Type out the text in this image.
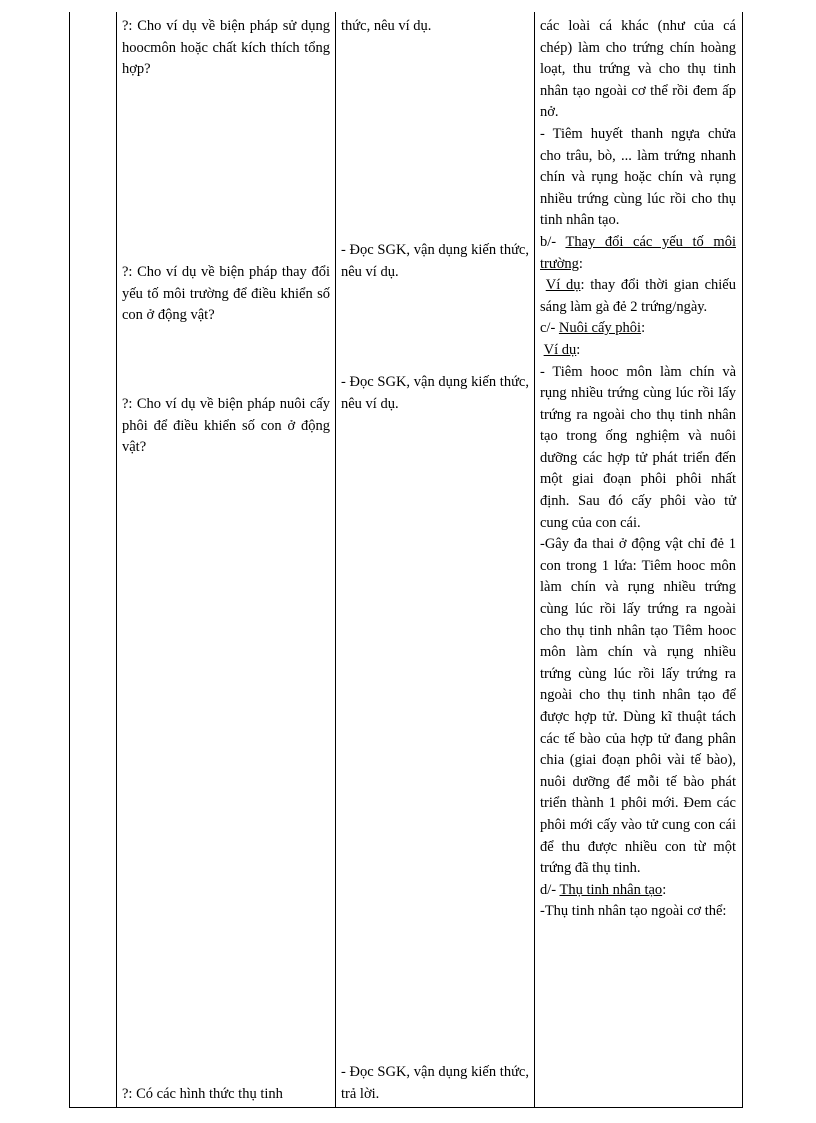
?: Cho ví dụ về biện pháp sử dụng hoocmôn hoặc chất kích thích tổng hợp?
?: Cho ví dụ về biện pháp thay đổi yếu tố môi trường để điều khiển số con ở động vật?
?: Cho ví dụ về biện pháp nuôi cấy phôi để điều khiển số con ở động vật?
?: Có các hình thức thụ tinh
thức, nêu ví dụ.
- Đọc SGK, vận dụng kiến thức, nêu ví dụ.
- Đọc SGK, vận dụng kiến thức, nêu ví dụ.
- Đọc SGK, vận dụng kiến thức, trả lời.
các loài cá khác (như của cá chép) làm cho trứng chín hoàng loạt, thu trứng và cho thụ tinh nhân tạo ngoài cơ thể rồi đem ấp nở.
- Tiêm huyết thanh ngựa chửa cho trâu, bò, ... làm trứng nhanh chín và rụng hoặc chín và rụng nhiều trứng cùng lúc rồi cho thụ tinh nhân tạo.
b/- Thay đổi các yếu tố môi trường:
Ví dụ: thay đổi thời gian chiếu sáng làm gà đẻ 2 trứng/ngày.
c/- Nuôi cấy phôi:
Ví dụ:
- Tiêm hooc môn làm chín và rụng nhiều trứng cùng lúc rồi lấy trứng ra ngoài cho thụ tinh nhân tạo trong ống nghiệm và nuôi dưỡng các hợp tử phát triển đến một giai đoạn phôi phôi nhất định. Sau đó cấy phôi vào tử cung của con cái.
-Gây đa thai ở động vật chỉ đẻ 1 con trong 1 lứa: Tiêm hooc môn làm chín và rụng nhiều trứng cùng lúc rồi lấy trứng ra ngoài cho thụ tinh nhân tạo Tiêm hooc môn làm chín và rụng nhiều trứng cùng lúc rồi lấy trứng ra ngoài cho thụ tinh nhân tạo để được hợp tử. Dùng kĩ thuật tách các tế bào của hợp tử đang phân chia (giai đoạn phôi vài tế bào), nuôi dưỡng để mỗi tế bào phát triển thành 1 phôi mới. Đem các phôi mới cấy vào tử cung con cái để thu được nhiều con từ một trứng đã thụ tinh.
d/- Thụ tinh nhân tạo:
-Thụ tinh nhân tạo ngoài cơ thể:
